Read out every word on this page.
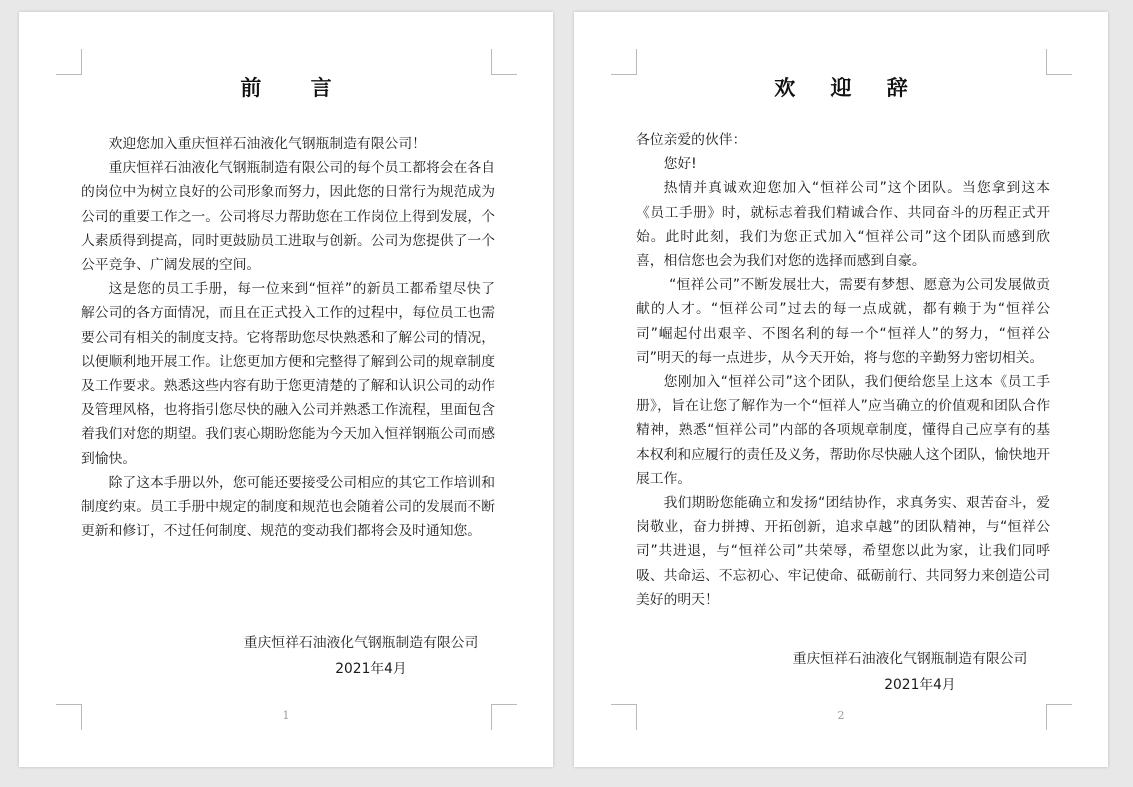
前 言

欢迎您加入重庆恒祥石油液化气钢瓶制造有限公司！

重庆恒祥石油液化气钢瓶制造有限公司的每个员工都将会在各自的岗位中为树立良好的公司形象而努力，因此您的日常行为规范成为公司的重要工作之一。公司将尽力帮助您在工作岗位上得到发展，个人素质得到提高，同时更鼓励员工进取与创新。公司为您提供了一个公平竞争、广阔发展的空间。

这是您的员工手册，每一位来到“恒祥”的新员工都希望尽快了解公司的各方面情况，而且在正式投入工作的过程中，每位员工也需要公司有相关的制度支持。它将帮助您尽快熟悉和了解公司的情况，以便顺利地开展工作。让您更加方便和完整得了解到公司的规章制度及工作要求。熟悉这些内容有助于您更清楚的了解和认识公司的动作及管理风格，也将指引您尽快的融入公司并熟悉工作流程，里面包含着我们对您的期望。我们衷心期盼您能为今天加入恒祥钢瓶公司而感到愉快。

除了这本手册以外，您可能还要接受公司相应的其它工作培训和制度约束。员工手册中规定的制度和规范也会随着公司的发展而不断更新和修订，不过任何制度、规范的变动我们都将会及时通知您。

重庆恒祥石油液化气钢瓶制造有限公司
2021年4月
1
欢 迎 辞

各位亲爱的伙伴：

您好!

热情并真诚欢迎您加入“恒祥公司”这个团队。当您拿到这本《员工手册》时，就标志着我们精诚合作、共同奋斗的历程正式开始。此时此刻，我们为您正式加入“恒祥公司”这个团队而感到欣喜，相信您也会为我们对您的选择而感到自豪。

“恒祥公司”不断发展壮大，需要有梦想、愿意为公司发展做贡献的人才。“恒祥公司”过去的每一点成就，都有赖于为“恒祥公司”崛起付出艰辛、不图名利的每一个“恒祥人”的努力，“恒祥公司”明天的每一点进步，从今天开始，将与您的辛勤努力密切相关。

您刚加入“恒祥公司”这个团队，我们便给您呈上这本《员工手册》，旨在让您了解作为一个“恒祥人”应当确立的价值观和团队合作精神，熟悉“恒祥公司”内部的各项规章制度，懂得自己应享有的基本权利和应履行的责任及义务，帮助你尽快融人这个团队，愉快地开展工作。

我们期盼您能确立和发扬“团结协作，求真务实、艰苦奋斗，爱岗敬业，奋力拼搏、开拓创新，追求卓越”的团队精神，与“恒祥公司”共进退，与“恒祥公司”共荣辱，希望您以此为家，让我们同呼吸、共命运、不忘初心、牢记使命、砥砺前行、共同努力来创造公司美好的明天！

重庆恒祥石油液化气钢瓶制造有限公司
2021年4月
2
